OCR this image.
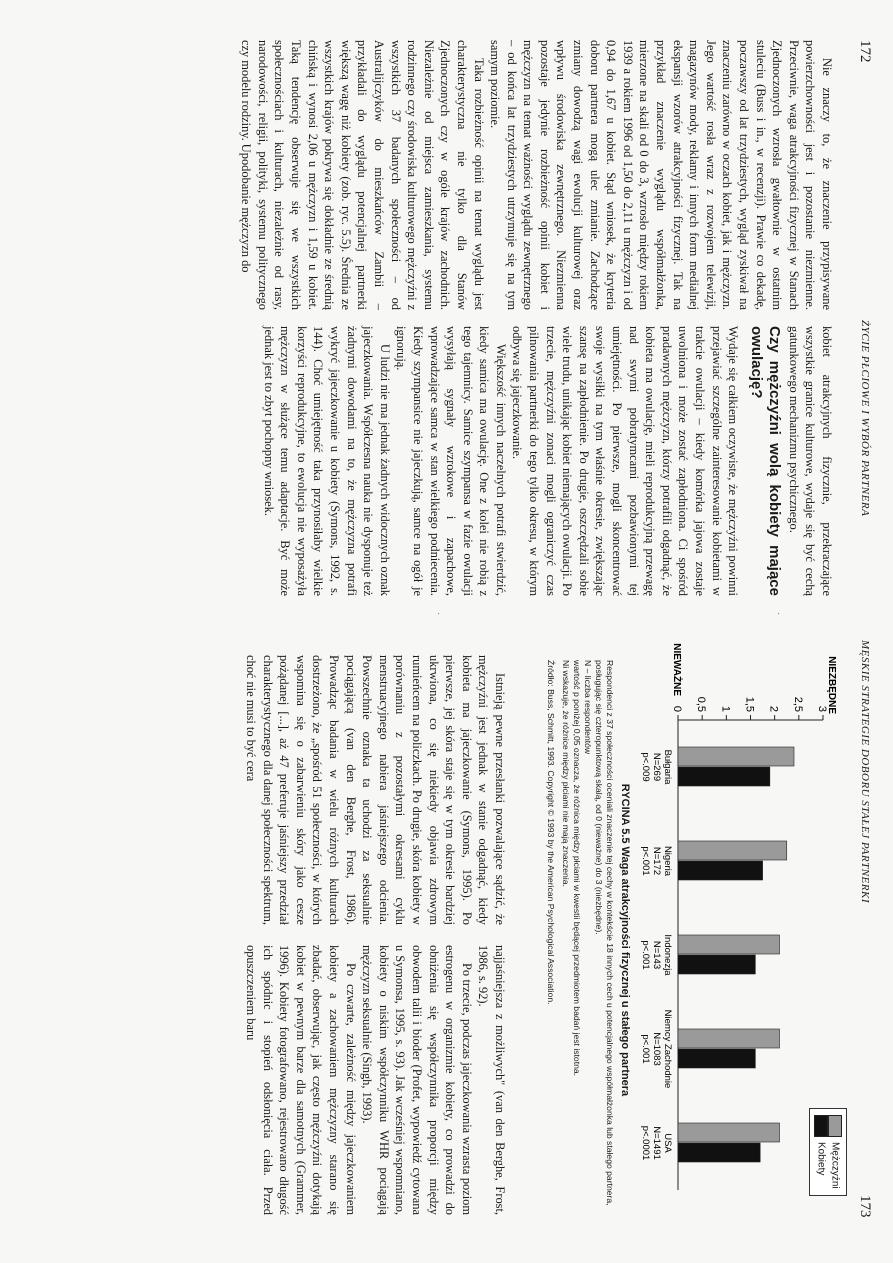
172
ŻYCIE PŁCIOWE I WYBÓR PARTNERA

Nie znaczy to, że znaczenie przypisywane powierzchowności jest i pozostanie niezmienne. Przeciwnie, waga atrakcyjności fizycznej w Stanach Zjednoczonych wzrosła gwałtownie w ostatnim stuleciu (Buss i in., w recenzji). Prawie co dekadę, poczawszy od lat trzydziestych, wygląd zyskiwał na znaczeniu zarówno w oczach kobiet, jak i mężczyzn. Jego wartość rosła wraz z rozwojem telewizji, magazynów mody, reklamy i innych form medialnej ekspansji wzorów atrakcyjności fizycznej. Tak na przykład znaczenie wyglądu współmałżonka, mierzone na skali od 0 do 3, wzrosło między rokiem 1939 a rokiem 1996 od 1,50 do 2,11 u mężczyzn i od 0,94 do 1,67 u kobiet. Stąd wniosek, że kryteria doboru partnera mogą ulec zmianie. Zachodzące zmiany dowodzą wagi ewolucji kulturowej oraz wpływu środowiska zewnętrznego. Niezmienna pozostaje jedynie rozbieżność opinii kobiet i mężczyzn na temat ważności wyglądu zewnętrznego – od końca lat trzydziestych utrzymuje się na tym samym poziomie.

Taka rozbieżność opinii na temat wyglądu jest charakterystyczna nie tylko dla Stanów Zjednoczonych czy w ogóle krajów zachodnich. Niezależnie od miejsca zamieszkania, systemu rodzinnego czy środowiska kulturowego mężczyźni z wszystkich 37 badanych społeczności – od Australijczyków do mieszkańców Zambii – przykładali do wyglądu potencjalnej partnerki większą wagę niż kobiety (zob. ryc. 5.5). Średnia ze wszystkich krajów pokrywa się dokładnie ze średnią chińską i wynosi 2,06 u mężczyzn i 1,59 u kobiet. Taką tendencję obserwuje się we wszystkich społecznościach i kulturach, niezależnie od rasy, narodowości, religii, polityki, systemu politycznego czy modelu rodziny. Upodobanie mężczyzn do

kobiet atrakcyjnych fizycznie, przekraczające wszystkie granice kulturowe, wydaje się być cechą gatunkowego mechanizmu psychicznego.

Czy mężczyźni wolą kobiety mające owulację?

Wydaje się całkiem oczywiste, że mężczyźni powinni przejawiać szczególne zainteresowanie kobietami w trakcie owulacji – kiedy komórka jajowa zostaje uwolniona i może zostać zapłodniona. Ci spośród pradawnych mężczyzn, którzy potrafili odgadnąć, że kobieta ma owulację, mieli reprodukcyjną przewagę nad swymi pobratymcami pozbawionymi tej umiejętności. Po pierwsze, mogli skoncentrować swoje wysiłki na tym właśnie okresie, zwiększając szansę na zapłodnienie. Po drugie, oszczędzali sobie wiele trudu, unikając kobiet niemających owulacji. Po trzecie, mężczyźni zonaci mogli ograniczyć czas pilnowania partnerki do tego tylko okresu, w którym odbywa się jajeczkowanie.

Większość innych naczelnych potrafi stwierdzić, kiedy samica ma owulację. One z kolei nie robią z tego tajemnicy. Samice szympansa w fazie owulacji wysyłają sygnały wzrokowe i zapachowe, wprowadzające samca w stan wielkiego podniecenia. Kiedy szympansice nie jajeczkują, samce na ogół je ignorują.

U ludzi nie ma jednak żadnych widocznych oznak jajeczkowania. Współczesna nauka nie dysponuje też żadnymi dowodami na to, że mężczyzna potrafi wykryć jajeczkowanie u kobiety (Symons, 1992, s. 144). Choć umiejętność taka przynosiłaby wielkie korzyści reprodukcyjne, to ewolucja nie wyposażyła mężczyzn w służące temu adaptacje. Być może jednak jest to zbyt pochopny wniosek.

·
·
MĘSKIE STRATEGIE DOBORU STAŁEJ PARTNERKI
173
0 0,5 1 1,5 2 2,5 3
NIEZBĘDNE
NIEWAŻNE
Bułgaria
N=269
p<.009
Nigeria
N=172
p<.001
Indonezja
N=143
p<.001
Niemcy Zachodnie
N=1083
p<.001
USA
N=1491
p<.0001	Mężczyźni
Kobiety
RYCINA 5.5 Waga atrakcyjności fizycznej u stałego partnera
Respondenci z 37 społeczności oceniali znaczenie tej cechy w kontekście 18 innych cech u potencjalnego współmałżonka lub stałego partnera, posługując się czteropunktową skalą, od 0 (nieważne) do 3 (niezbędne).
N – liczba respondentów
wartość p poniżej 0,05 oznacza, że różnica między płciami w kwestii będącej przedmiotem badań jest istotna.
Ni wskazuje, że różnice między płciami nie mają znaczenia.
Źródło: Buss, Schmitt, 1993. Copyright © 1993 by the American Psychological Association.

Istnieją pewne przesłanki pozwalające sądzić, że mężczyźni jest jednak w stanie odgadnąć, kiedy kobieta ma jajeczkowanie (Symons, 1995). Po pierwsze, jej skóra staje się w tym okresie bardziej ukrwiona, co się niekiedy objawia zdrowym rumieńcem na policzkach. Po drugie, skóra kobiety w porównaniu z pozostałymi okresami cyklu menstruacyjnego nabiera jaśniejszego odcienia. Powszechnie oznaka ta uchodzi za seksualnie pociągającą (van den Berghe, Frost, 1986). Prowadząc badania w wielu różnych kulturach dostrzeżono, że „spośród 51 społeczności, w których wspomina się o zabarwieniu skóry jako cesze pożądanej [...], aż 47 preferuje jaśniejszy przedział charakterystycznego dla danej społeczności spektrum, choć nie musi to być cera

najjaśniejsza z możliwych" (van den Berghe, Frost, 1986, s. 92).

Po trzecie, podczas jajeczkowania wzrasta poziom estrogenu w organizmie kobiety, co prowadzi do obniżenia się współczynnika proporcji między obwodem talii i bioder (Profet, wypowiedź cytowana u Symonsa, 1995, s. 93). Jak wcześniej wspomniano, kobiety o niskim współczynniku WHR pociągają mężczyzn seksualnie (Singh, 1993).

Po czwarte, zależność między jajeczkowaniem kobiety a zachowaniem mężczyzny starano się zbadać, obserwując, jak często mężczyźni dotykają kobiet w pewnym barze dla samotnych (Grammer, 1996). Kobiety fotografowano, rejestrowano długość ich spódnic i stopień odsłonięcia ciała. Przed opuszczeniem baru
